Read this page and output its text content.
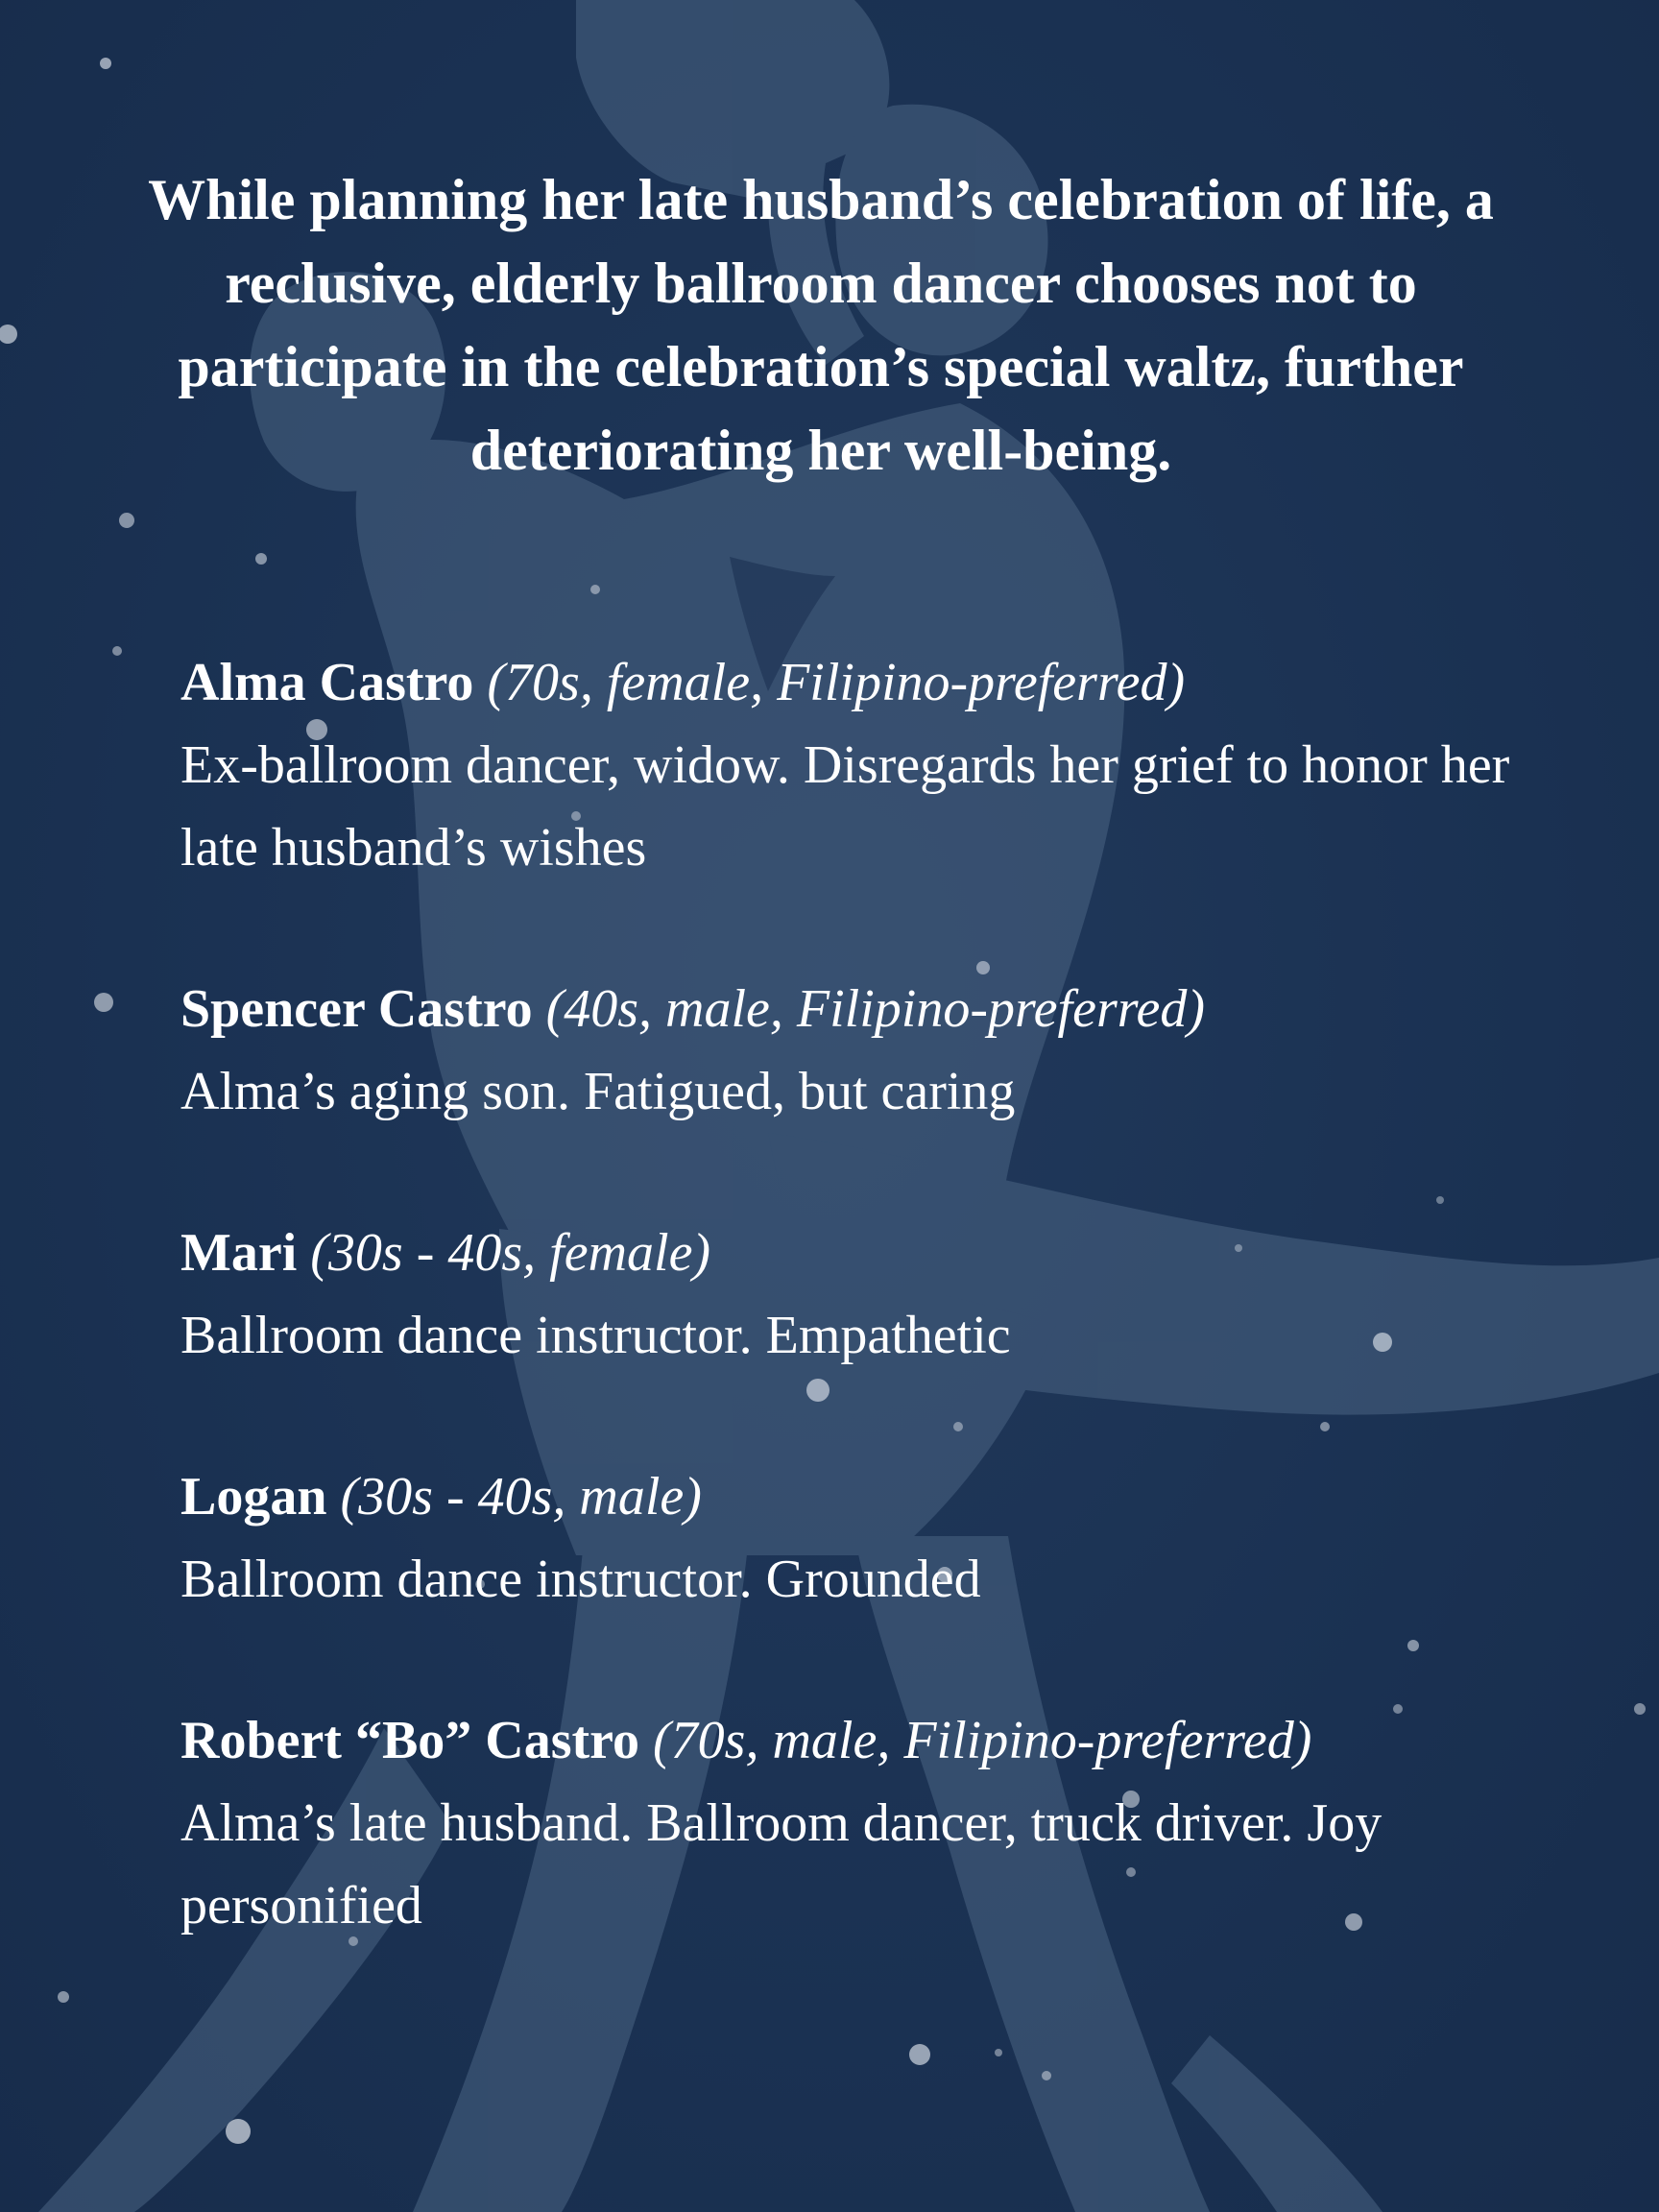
While planning her late husband’s celebration of life, a reclusive, elderly ballroom dancer chooses not to participate in the celebration’s special waltz, further deteriorating her well-being.

Alma Castro (70s, female, Filipino-preferred)

Ex-ballroom dancer, widow. Disregards her grief to honor her late husband’s wishes

Spencer Castro (40s, male, Filipino-preferred)

Alma’s aging son. Fatigued, but caring

Mari (30s - 40s, female)

Ballroom dance instructor. Empathetic

Logan (30s - 40s, male)

Ballroom dance instructor. Grounded

Robert “Bo” Castro (70s, male, Filipino-preferred)

Alma’s late husband. Ballroom dancer, truck driver. Joy personified
